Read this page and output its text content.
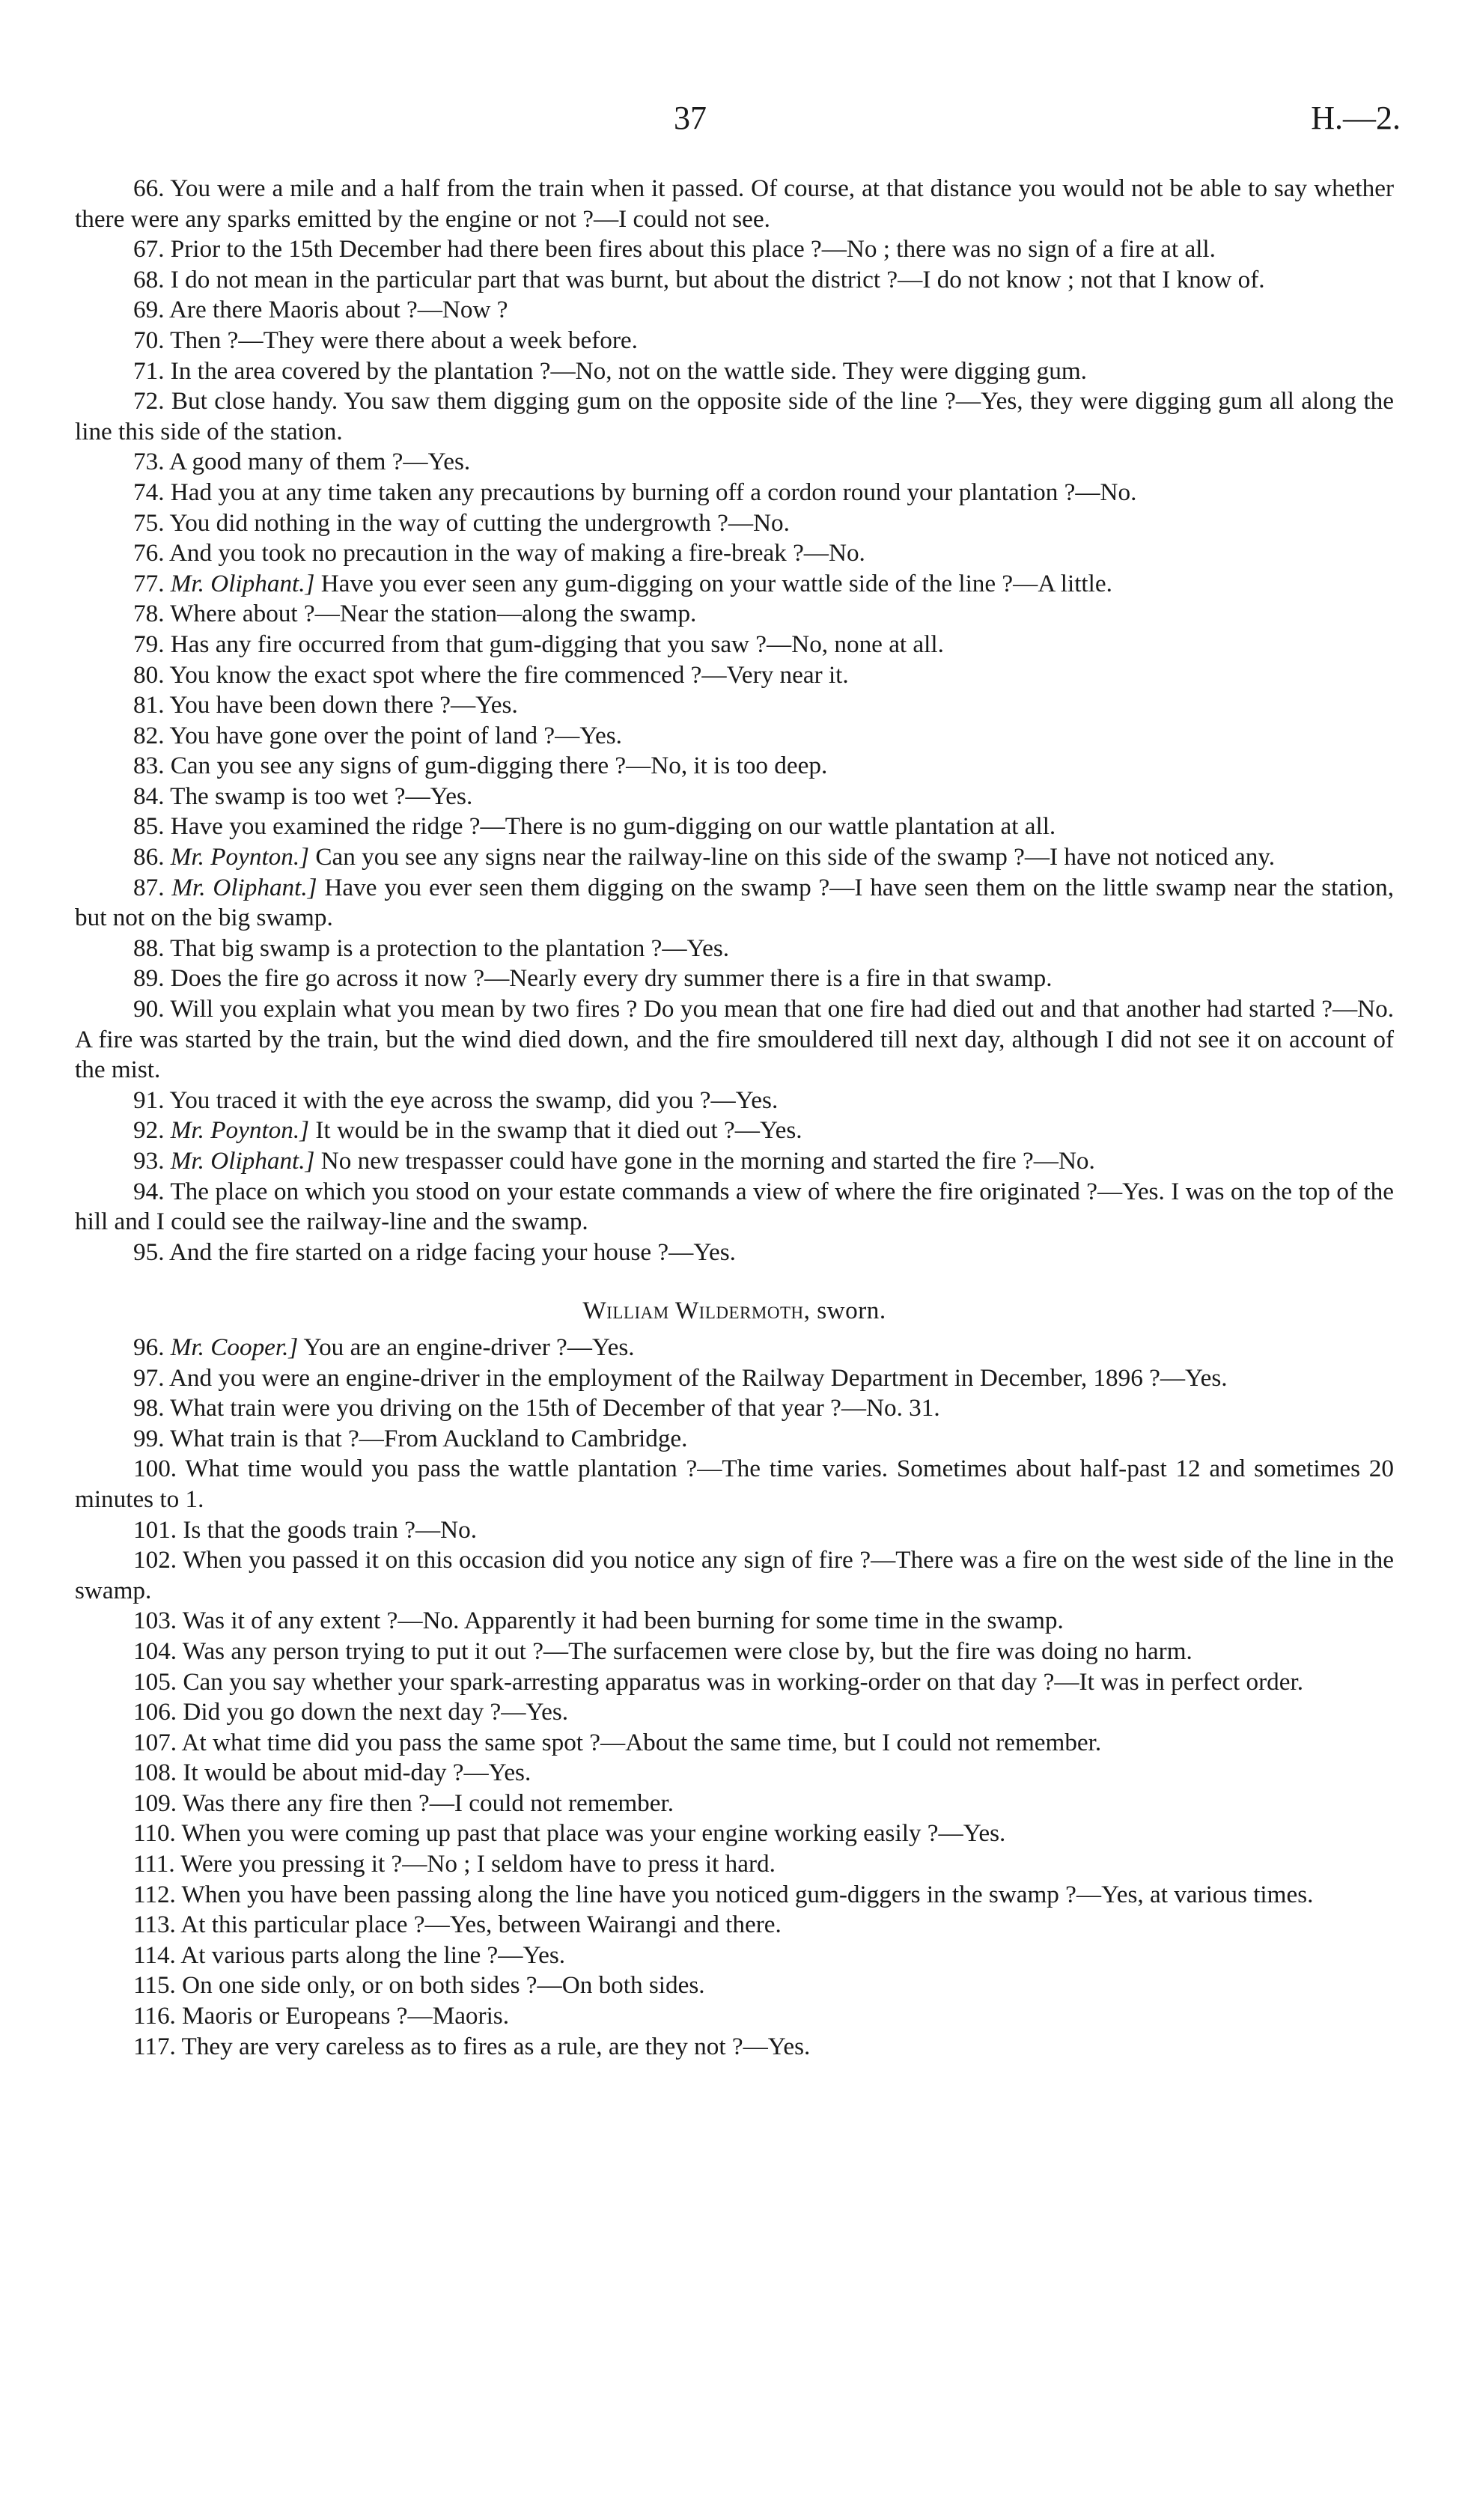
37	H.—2.

66. You were a mile and a half from the train when it passed. Of course, at that distance you would not be able to say whether there were any sparks emitted by the engine or not ?—I could not see.

67. Prior to the 15th December had there been fires about this place ?—No ; there was no sign of a fire at all.

68. I do not mean in the particular part that was burnt, but about the district ?—I do not know ; not that I know of.

69. Are there Maoris about ?—Now ?

70. Then ?—They were there about a week before.

71. In the area covered by the plantation ?—No, not on the wattle side. They were digging gum.

72. But close handy. You saw them digging gum on the opposite side of the line ?—Yes, they were digging gum all along the line this side of the station.

73. A good many of them ?—Yes.

74. Had you at any time taken any precautions by burning off a cordon round your plantation ?—No.

75. You did nothing in the way of cutting the undergrowth ?—No.

76. And you took no precaution in the way of making a fire-break ?—No.

77. Mr. Oliphant.] Have you ever seen any gum-digging on your wattle side of the line ?—A little.

78. Where about ?—Near the station—along the swamp.

79. Has any fire occurred from that gum-digging that you saw ?—No, none at all.

80. You know the exact spot where the fire commenced ?—Very near it.

81. You have been down there ?—Yes.

82. You have gone over the point of land ?—Yes.

83. Can you see any signs of gum-digging there ?—No, it is too deep.

84. The swamp is too wet ?—Yes.

85. Have you examined the ridge ?—There is no gum-digging on our wattle plantation at all.

86. Mr. Poynton.] Can you see any signs near the railway-line on this side of the swamp ?—I have not noticed any.

87. Mr. Oliphant.] Have you ever seen them digging on the swamp ?—I have seen them on the little swamp near the station, but not on the big swamp.

88. That big swamp is a protection to the plantation ?—Yes.

89. Does the fire go across it now ?—Nearly every dry summer there is a fire in that swamp.

90. Will you explain what you mean by two fires ? Do you mean that one fire had died out and that another had started ?—No. A fire was started by the train, but the wind died down, and the fire smouldered till next day, although I did not see it on account of the mist.

91. You traced it with the eye across the swamp, did you ?—Yes.

92. Mr. Poynton.] It would be in the swamp that it died out ?—Yes.

93. Mr. Oliphant.] No new trespasser could have gone in the morning and started the fire ?—No.

94. The place on which you stood on your estate commands a view of where the fire originated ?—Yes. I was on the top of the hill and I could see the railway-line and the swamp.

95. And the fire started on a ridge facing your house ?—Yes.

William Wildermoth, sworn.

96. Mr. Cooper.] You are an engine-driver ?—Yes.

97. And you were an engine-driver in the employment of the Railway Department in December, 1896 ?—Yes.

98. What train were you driving on the 15th of December of that year ?—No. 31.

99. What train is that ?—From Auckland to Cambridge.

100. What time would you pass the wattle plantation ?—The time varies. Sometimes about half-past 12 and sometimes 20 minutes to 1.

101. Is that the goods train ?—No.

102. When you passed it on this occasion did you notice any sign of fire ?—There was a fire on the west side of the line in the swamp.

103. Was it of any extent ?—No. Apparently it had been burning for some time in the swamp.

104. Was any person trying to put it out ?—The surfacemen were close by, but the fire was doing no harm.

105. Can you say whether your spark-arresting apparatus was in working-order on that day ?—It was in perfect order.

106. Did you go down the next day ?—Yes.

107. At what time did you pass the same spot ?—About the same time, but I could not remember.

108. It would be about mid-day ?—Yes.

109. Was there any fire then ?—I could not remember.

110. When you were coming up past that place was your engine working easily ?—Yes.

111. Were you pressing it ?—No ; I seldom have to press it hard.

112. When you have been passing along the line have you noticed gum-diggers in the swamp ?—Yes, at various times.

113. At this particular place ?—Yes, between Wairangi and there.

114. At various parts along the line ?—Yes.

115. On one side only, or on both sides ?—On both sides.

116. Maoris or Europeans ?—Maoris.

117. They are very careless as to fires as a rule, are they not ?—Yes.
